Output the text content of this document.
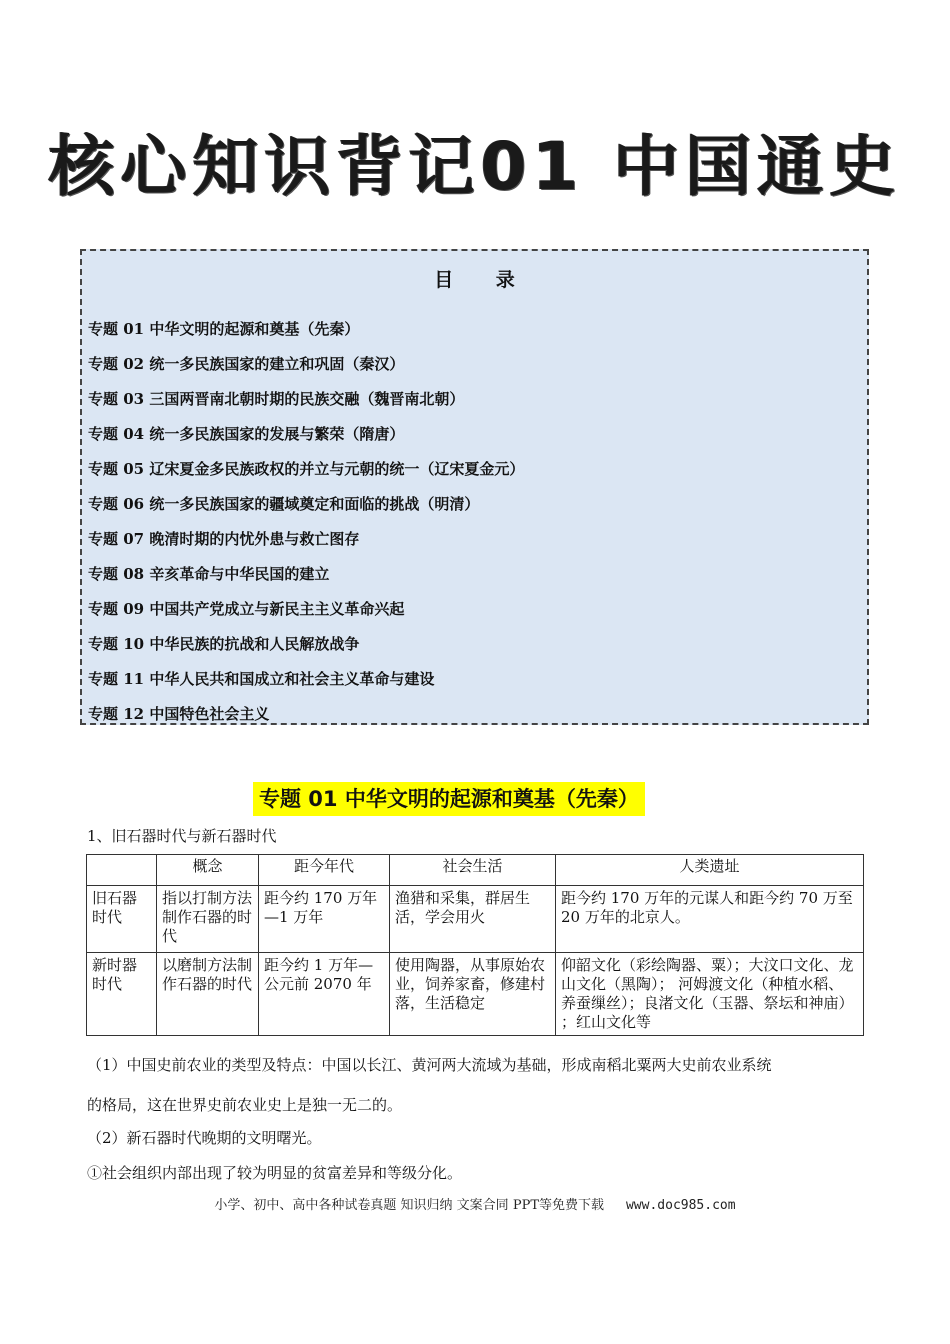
核心知识背记01 中国通史
目 录
专题 01 中华文明的起源和奠基（先秦）
专题 02 统一多民族国家的建立和巩固（秦汉）
专题 03 三国两晋南北朝时期的民族交融（魏晋南北朝）
专题 04 统一多民族国家的发展与繁荣（隋唐）
专题 05 辽宋夏金多民族政权的并立与元朝的统一（辽宋夏金元）
专题 06 统一多民族国家的疆域奠定和面临的挑战（明清）
专题 07 晚清时期的内忧外患与救亡图存
专题 08 辛亥革命与中华民国的建立
专题 09 中国共产党成立与新民主主义革命兴起
专题 10 中华民族的抗战和人民解放战争
专题 11 中华人民共和国成立和社会主义革命与建设
专题 12 中国特色社会主义
专题 01 中华文明的起源和奠基（先秦）
1、旧石器时代与新石器时代
	概念	距今年代	社会生活	人类遗址
旧石器时代	指以打制方法制作石器的时代	距今约 170 万年—1 万年	渔猎和采集，群居生活，学会用火	距今约 170 万年的元谋人和距今约 70 万至 20 万年的北京人。
新时器时代	以磨制方法制作石器的时代	距今约 1 万年—公元前 2070 年	使用陶器，从事原始农业，饲养家畜，修建村落，生活稳定	仰韶文化（彩绘陶器、粟）；大汶口文化、龙山文化（黑陶）； 河姆渡文化（种植水稻、养蚕缫丝）；良渚文化（玉器、祭坛和神庙） ；红山文化等
（1）中国史前农业的类型及特点：中国以长江、黄河两大流域为基础，形成南稻北粟两大史前农业系统
的格局，这在世界史前农业史上是独一无二的。
（2）新石器时代晚期的文明曙光。
①社会组织内部出现了较为明显的贫富差异和等级分化。
小学、初中、高中各种试卷真题 知识归纳 文案合同 PPT等免费下载 www.doc985.com
